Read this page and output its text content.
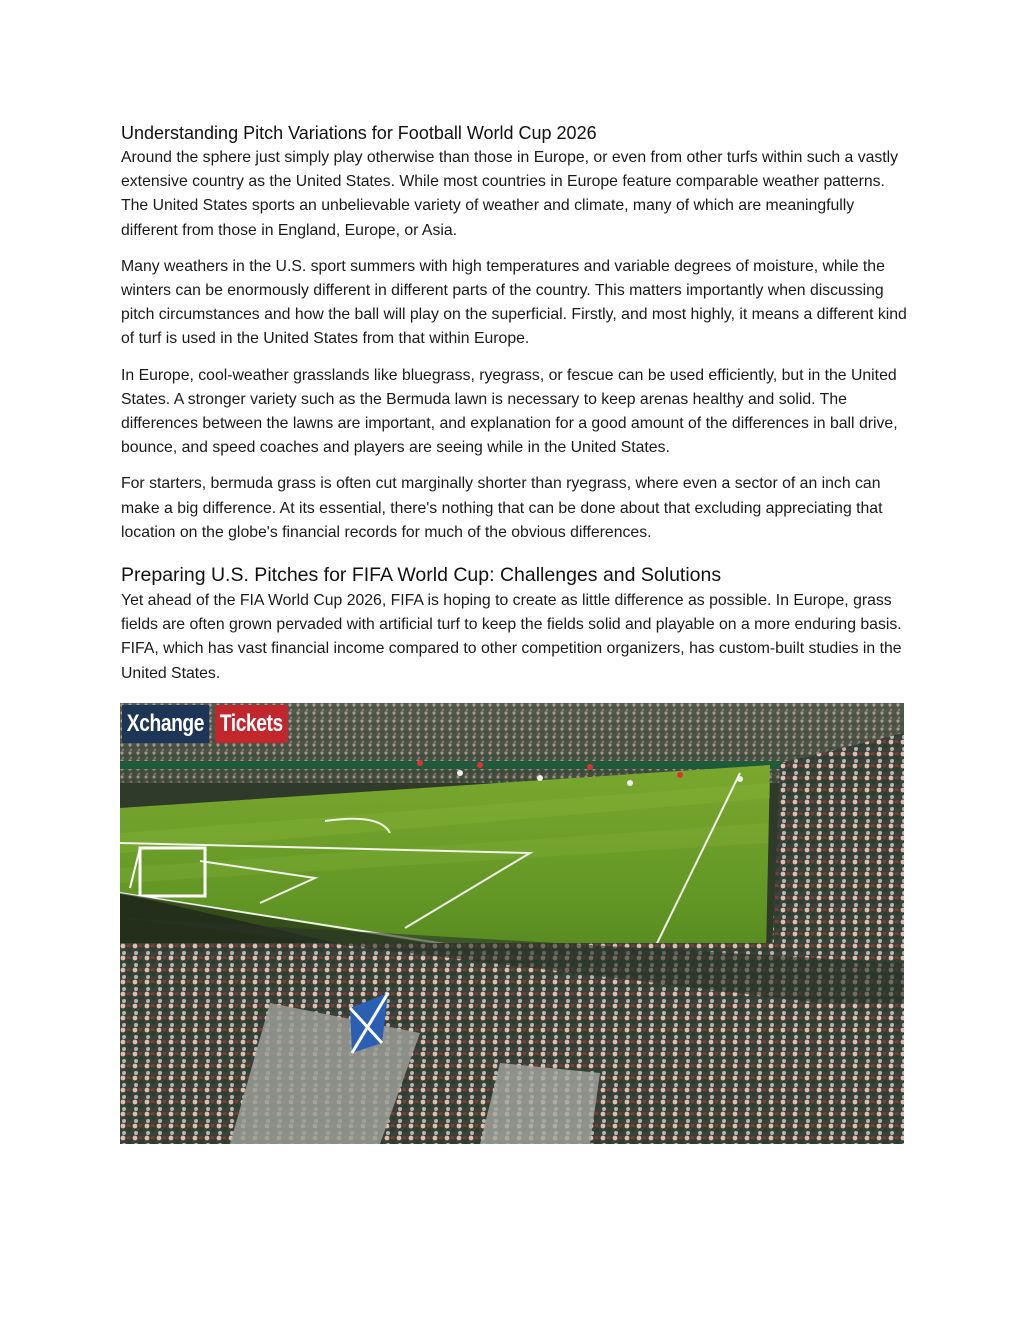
Understanding Pitch Variations for Football World Cup 2026

Around the sphere just simply play otherwise than those in Europe, or even from other turfs within such a vastly extensive country as the United States. While most countries in Europe feature comparable weather patterns. The United States sports an unbelievable variety of weather and climate, many of which are meaningfully different from those in England, Europe, or Asia.

Many weathers in the U.S. sport summers with high temperatures and variable degrees of moisture, while the winters can be enormously different in different parts of the country. This matters importantly when discussing pitch circumstances and how the ball will play on the superficial. Firstly, and most highly, it means a different kind of turf is used in the United States from that within Europe.

In Europe, cool-weather grasslands like bluegrass, ryegrass, or fescue can be used efficiently, but in the United States. A stronger variety such as the Bermuda lawn is necessary to keep arenas healthy and solid. The differences between the lawns are important, and explanation for a good amount of the differences in ball drive, bounce, and speed coaches and players are seeing while in the United States.

For starters, bermuda grass is often cut marginally shorter than ryegrass, where even a sector of an inch can make a big difference. At its essential, there's nothing that can be done about that excluding appreciating that location on the globe's financial records for much of the obvious differences.

Preparing U.S. Pitches for FIFA World Cup: Challenges and Solutions

Yet ahead of the FIA World Cup 2026, FIFA is hoping to create as little difference as possible. In Europe, grass fields are often grown pervaded with artificial turf to keep the fields solid and playable on a more enduring basis. FIFA, which has vast financial income compared to other competition organizers, has custom-built studies in the United States.

Xchange Tickets
